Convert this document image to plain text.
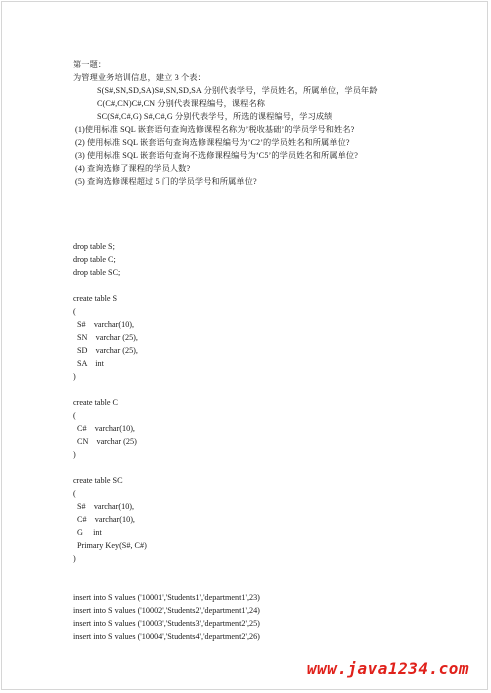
第一题：
为管理业务培训信息，建立 3 个表：
S(S#,SN,SD,SA)S#,SN,SD,SA 分别代表学号，学员姓名，所属单位，学员年龄
C(C#,CN)C#,CN 分别代表课程编号，课程名称
SC(S#,C#,G) S#,C#,G 分别代表学号，所选的课程编号，学习成绩
(1)使用标准 SQL 嵌套语句查询选修课程名称为’税收基础’的学员学号和姓名?
(2) 使用标准 SQL 嵌套语句查询选修课程编号为’C2’的学员姓名和所属单位?
(3) 使用标准 SQL 嵌套语句查询不选修课程编号为’C5’的学员姓名和所属单位?
(4) 查询选修了课程的学员人数?
(5) 查询选修课程超过 5 门的学员学号和所属单位?
drop table S;
drop table C;
drop table SC;
create table S
(
S#    varchar(10),
SN    varchar (25),
SD    varchar (25),
SA    int
)
create table C
(
C#    varchar(10),
CN    varchar (25)
)
create table SC
(
S#    varchar(10),
C#    varchar(10),
G     int
Primary Key(S#, C#)
)
insert into S values ('10001','Students1','department1',23)
insert into S values ('10002','Students2','department1',24)
insert into S values ('10003','Students3','department2',25)
insert into S values ('10004','Students4','department2',26)
www.java1234.com
